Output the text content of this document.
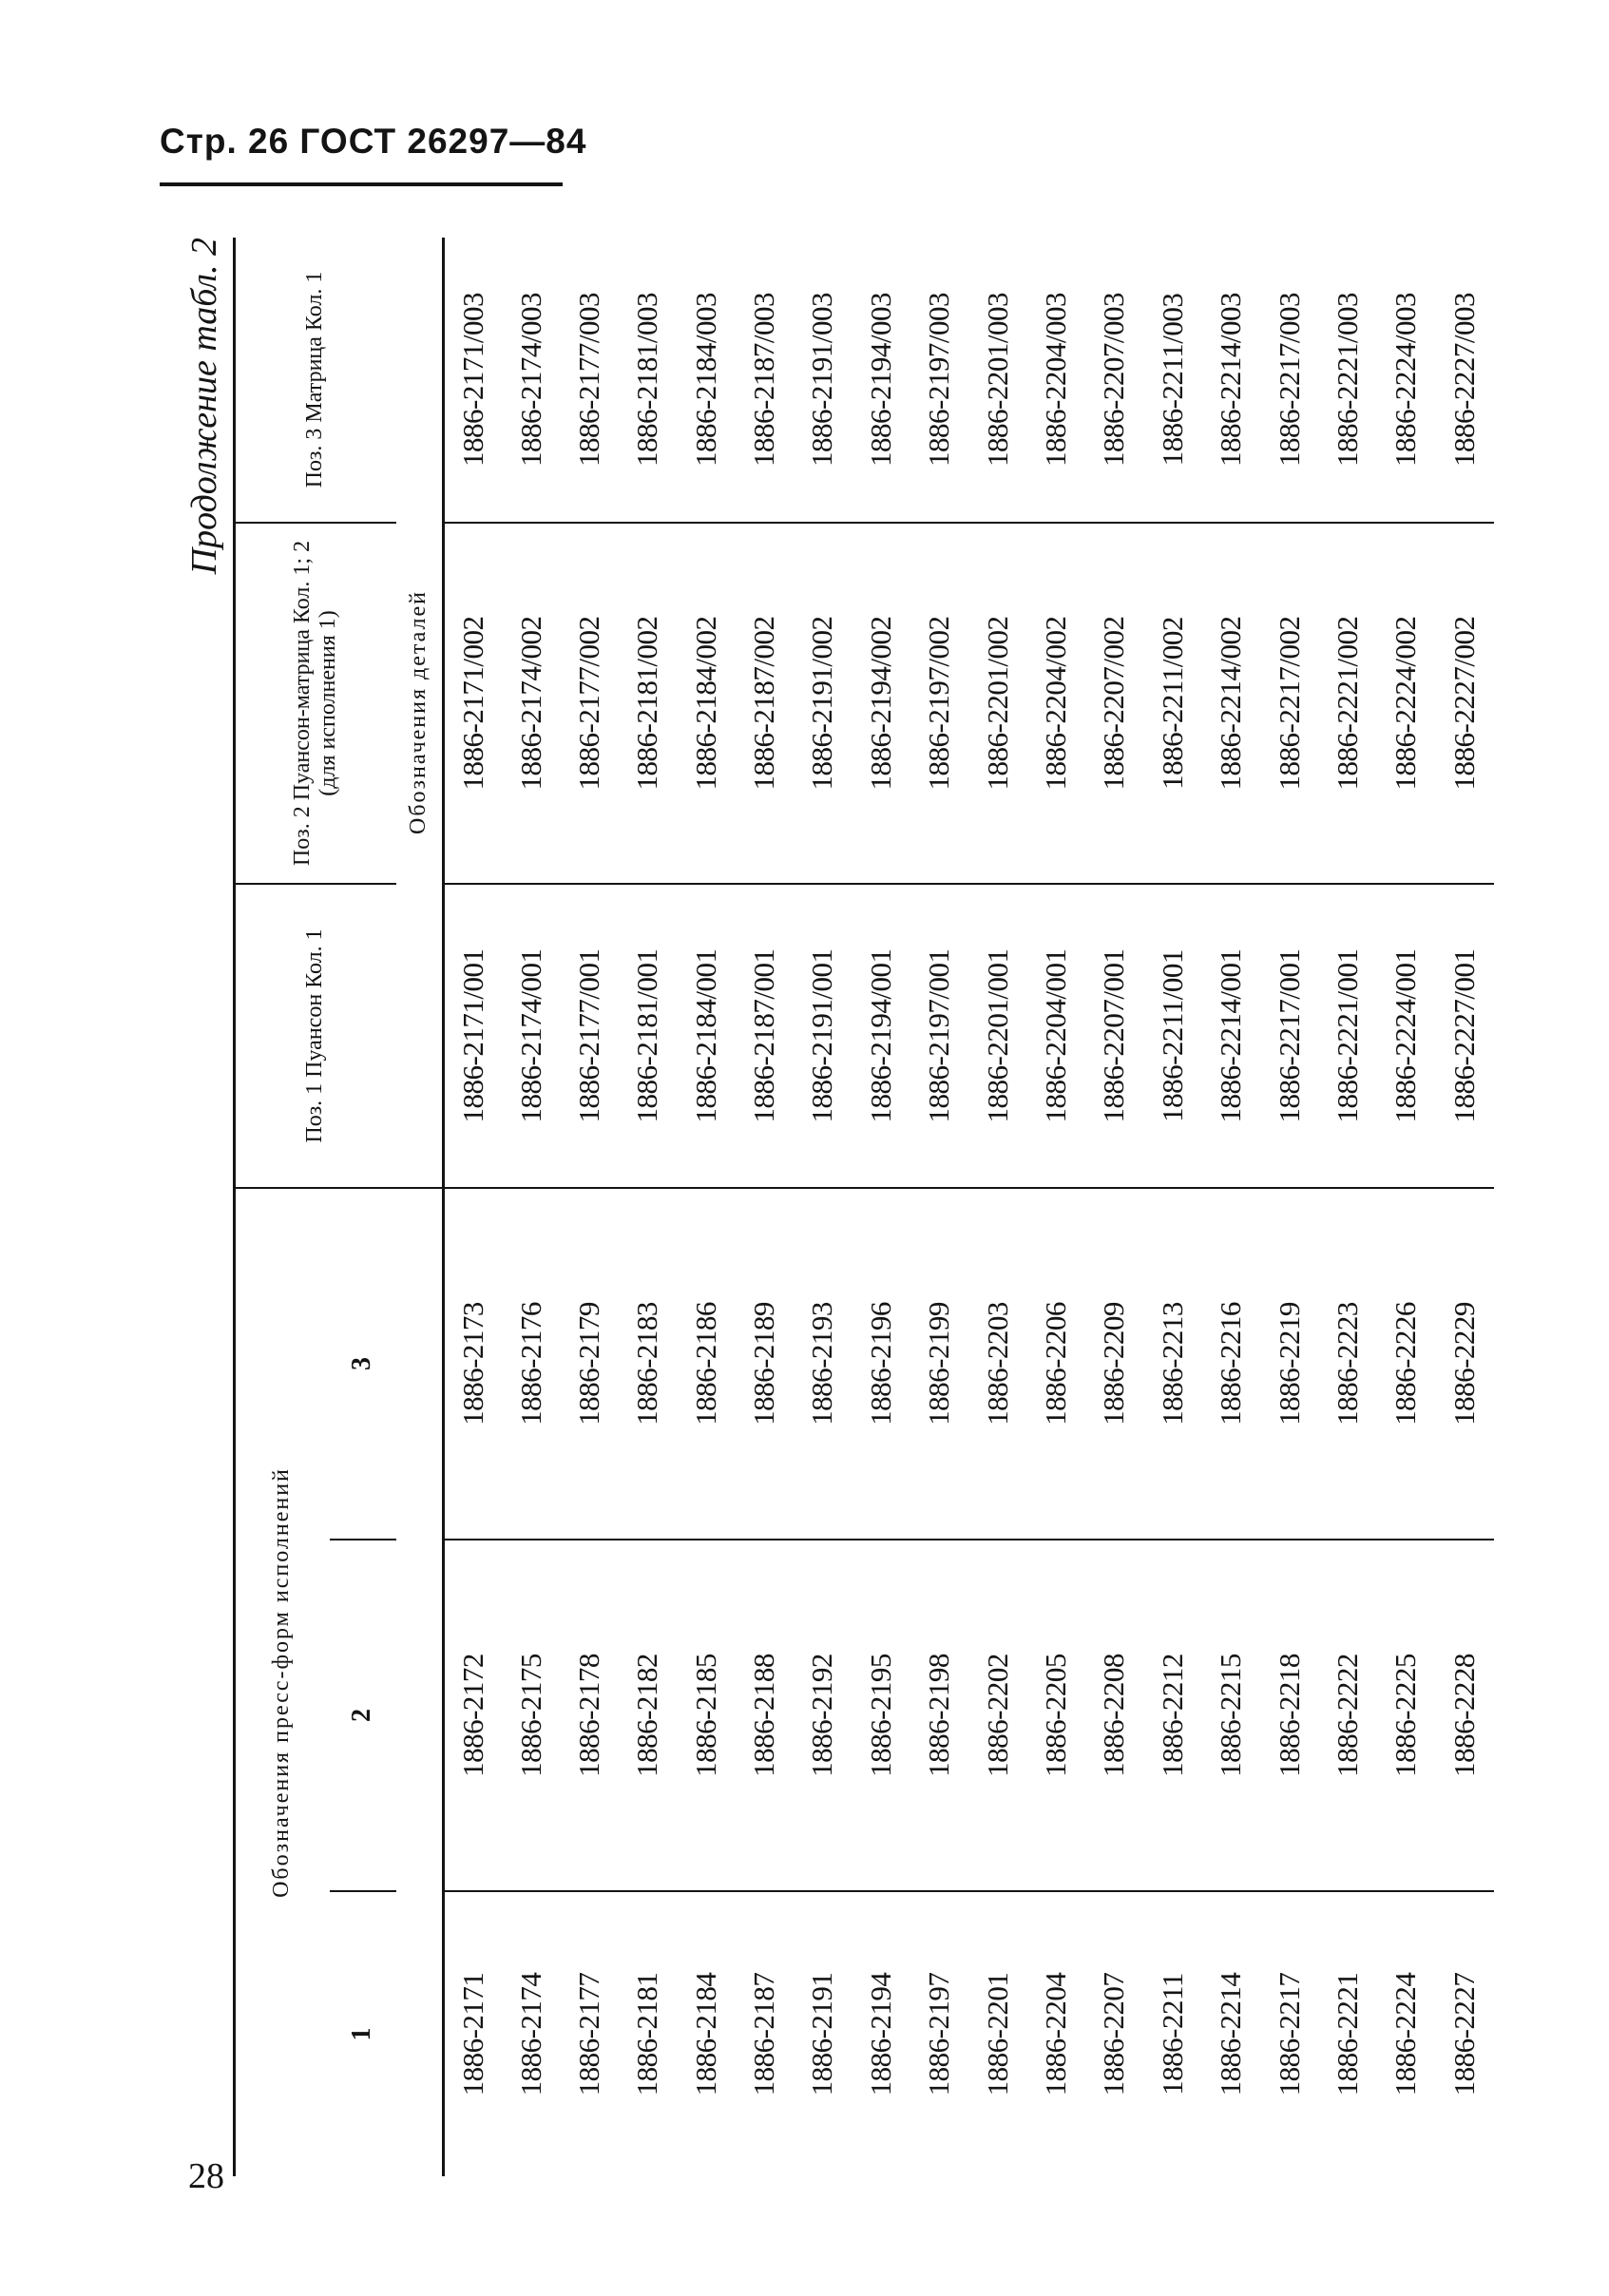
Стр. 26 ГОСТ 26297—84
Продолжение табл. 2
Обозначения пресс-форм исполнений			Поз. 1 Пуансон Кол. 1	Поз. 2 Пуансон-матрица Кол. 1; 2 (для исполнения 1)	Поз. 3 Матрица Кол. 1
1	2	3			
			Обозначения деталей		
1886-2171	1886-2172	1886-2173	1886-2171/001	1886-2171/002	1886-2171/003
1886-2174	1886-2175	1886-2176	1886-2174/001	1886-2174/002	1886-2174/003
1886-2177	1886-2178	1886-2179	1886-2177/001	1886-2177/002	1886-2177/003
1886-2181	1886-2182	1886-2183	1886-2181/001	1886-2181/002	1886-2181/003
1886-2184	1886-2185	1886-2186	1886-2184/001	1886-2184/002	1886-2184/003
1886-2187	1886-2188	1886-2189	1886-2187/001	1886-2187/002	1886-2187/003
1886-2191	1886-2192	1886-2193	1886-2191/001	1886-2191/002	1886-2191/003
1886-2194	1886-2195	1886-2196	1886-2194/001	1886-2194/002	1886-2194/003
1886-2197	1886-2198	1886-2199	1886-2197/001	1886-2197/002	1886-2197/003
1886-2201	1886-2202	1886-2203	1886-2201/001	1886-2201/002	1886-2201/003
1886-2204	1886-2205	1886-2206	1886-2204/001	1886-2204/002	1886-2204/003
1886-2207	1886-2208	1886-2209	1886-2207/001	1886-2207/002	1886-2207/003
1886-2211	1886-2212	1886-2213	1886-2211/001	1886-2211/002	1886-2211/003
1886-2214	1886-2215	1886-2216	1886-2214/001	1886-2214/002	1886-2214/003
1886-2217	1886-2218	1886-2219	1886-2217/001	1886-2217/002	1886-2217/003
1886-2221	1886-2222	1886-2223	1886-2221/001	1886-2221/002	1886-2221/003
1886-2224	1886-2225	1886-2226	1886-2224/001	1886-2224/002	1886-2224/003
1886-2227	1886-2228	1886-2229	1886-2227/001	1886-2227/002	1886-2227/003
28
